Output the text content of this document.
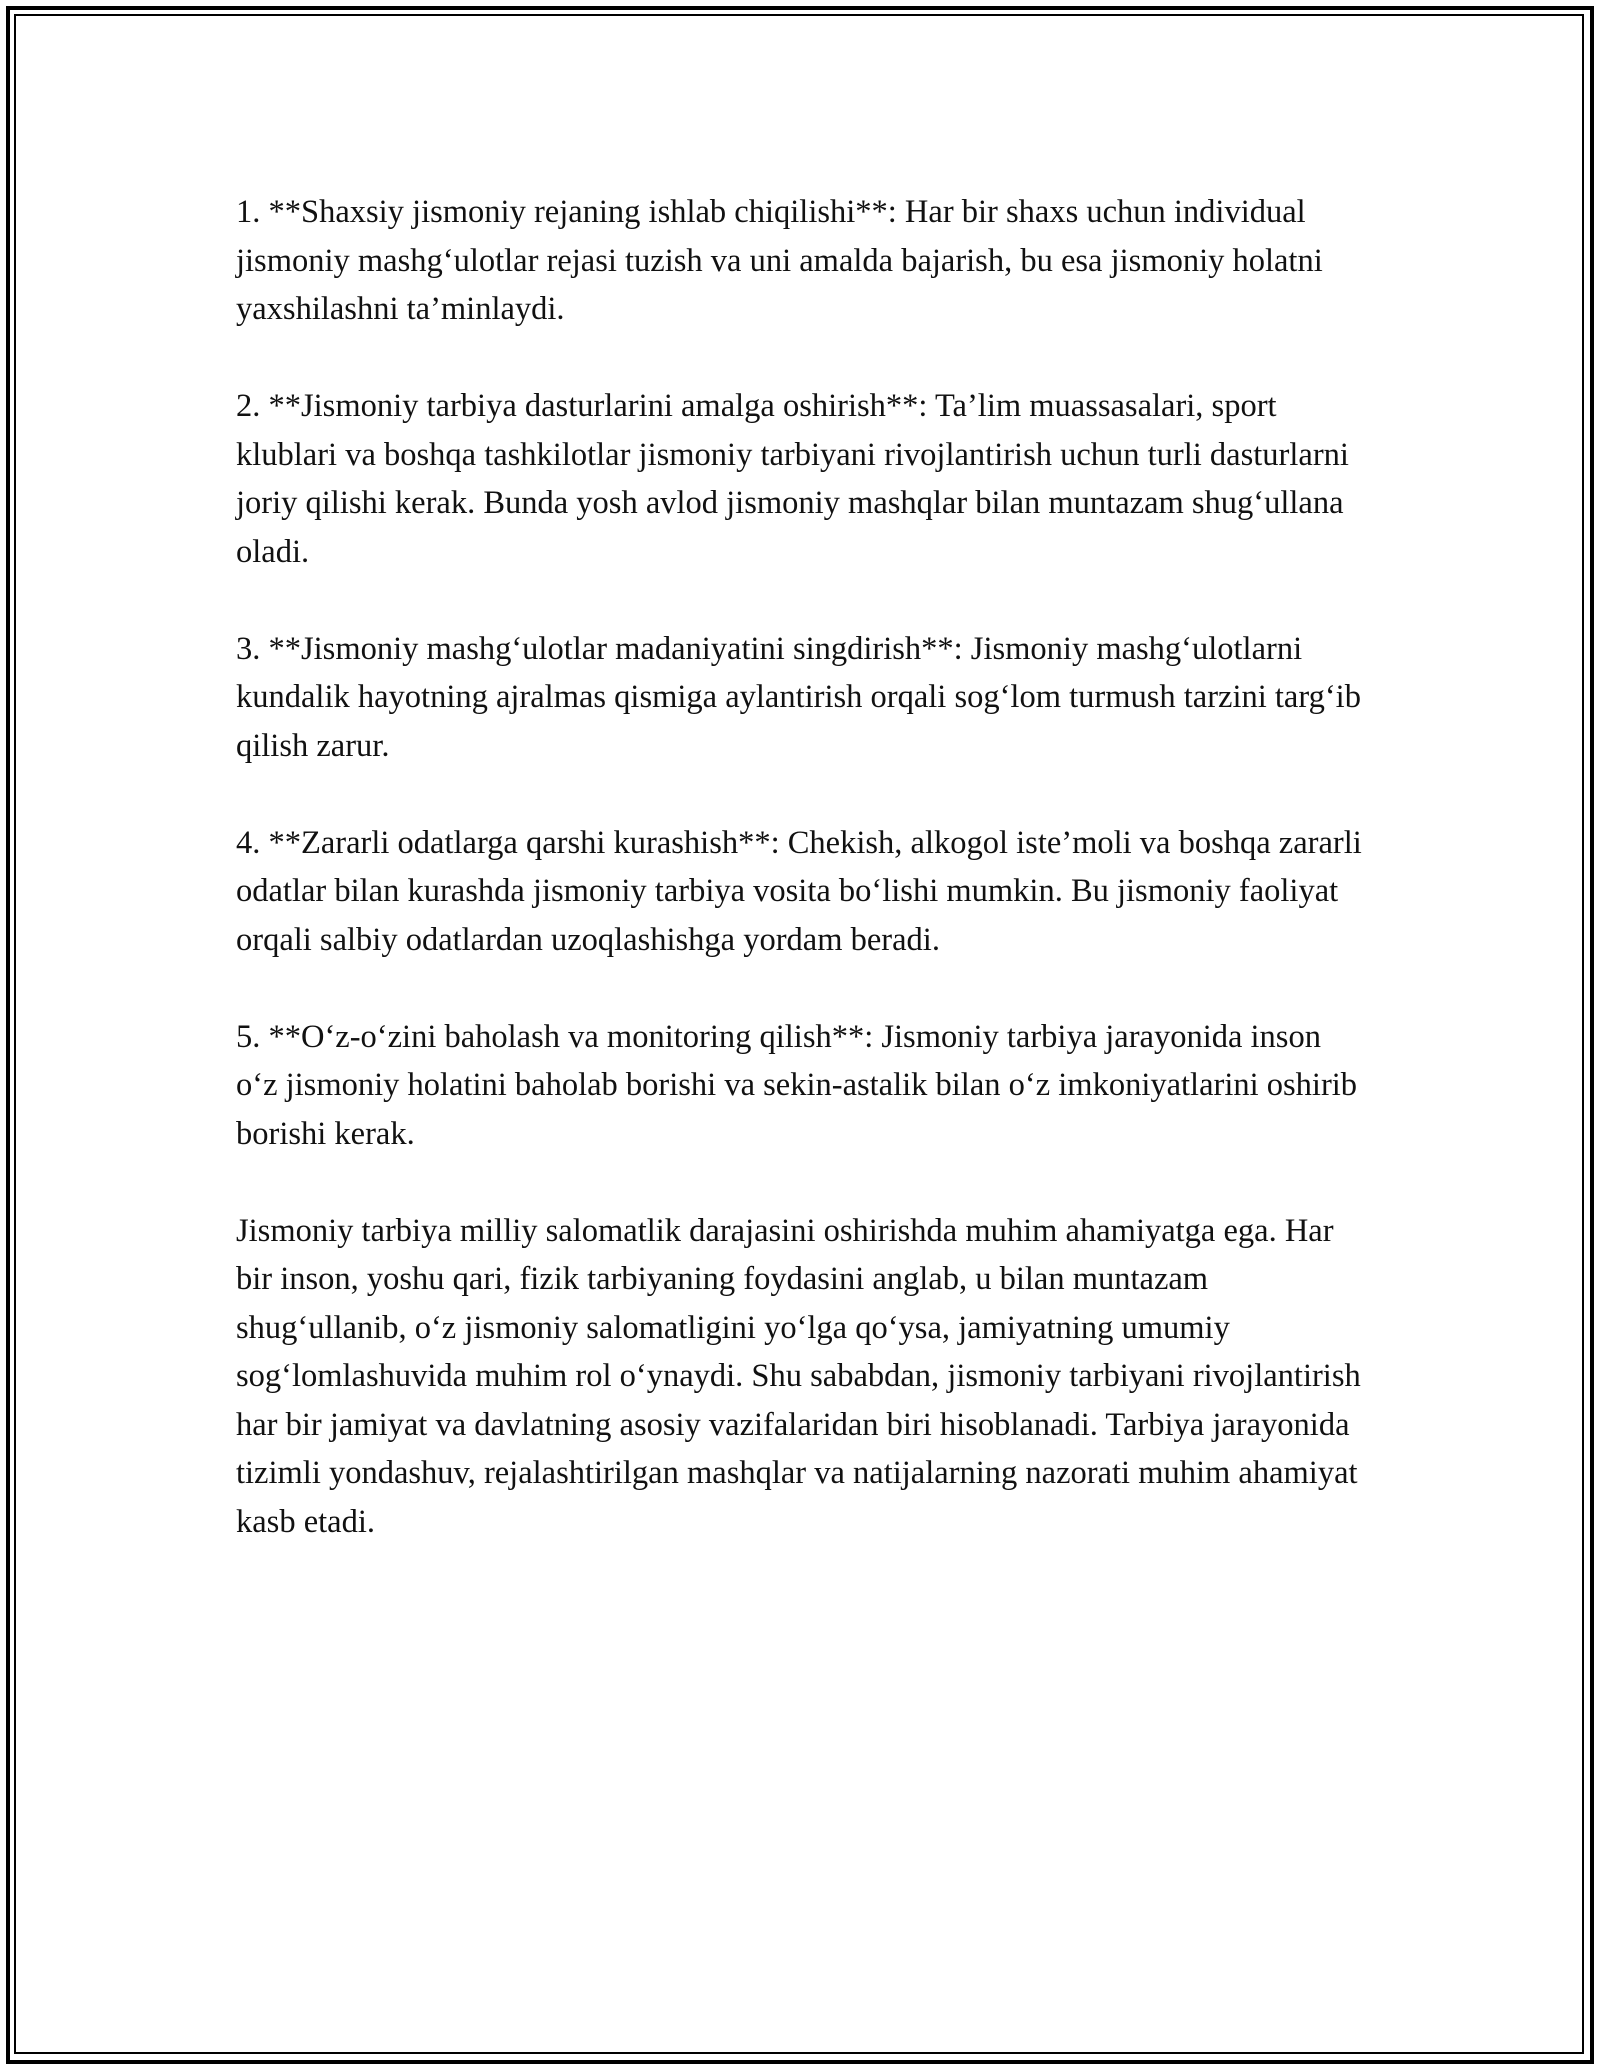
1. **Shaxsiy jismoniy rejaning ishlab chiqilishi**: Har bir shaxs uchun individual jismoniy mashg‘ulotlar rejasi tuzish va uni amalda bajarish, bu esa jismoniy holatni yaxshilashni ta’minlaydi.

2. **Jismoniy tarbiya dasturlarini amalga oshirish**: Ta’lim muassasalari, sport klublari va boshqa tashkilotlar jismoniy tarbiyani rivojlantirish uchun turli dasturlarni joriy qilishi kerak. Bunda yosh avlod jismoniy mashqlar bilan muntazam shug‘ullana oladi.

3. **Jismoniy mashg‘ulotlar madaniyatini singdirish**: Jismoniy mashg‘ulotlarni kundalik hayotning ajralmas qismiga aylantirish orqali sog‘lom turmush tarzini targ‘ib qilish zarur.

4. **Zararli odatlarga qarshi kurashish**: Chekish, alkogol iste’moli va boshqa zararli odatlar bilan kurashda jismoniy tarbiya vosita bo‘lishi mumkin. Bu jismoniy faoliyat orqali salbiy odatlardan uzoqlashishga yordam beradi.

5. **O‘z-o‘zini baholash va monitoring qilish**: Jismoniy tarbiya jarayonida inson o‘z jismoniy holatini baholab borishi va sekin-astalik bilan o‘z imkoniyatlarini oshirib borishi kerak.

Jismoniy tarbiya milliy salomatlik darajasini oshirishda muhim ahamiyatga ega. Har bir inson, yoshu qari, fizik tarbiyaning foydasini anglab, u bilan muntazam shug‘ullanib, o‘z jismoniy salomatligini yo‘lga qo‘ysa, jamiyatning umumiy sog‘lomlashuvida muhim rol o‘ynaydi. Shu sababdan, jismoniy tarbiyani rivojlantirish har bir jamiyat va davlatning asosiy vazifalaridan biri hisoblanadi. Tarbiya jarayonida tizimli yondashuv, rejalashtirilgan mashqlar va natijalarning nazorati muhim ahamiyat kasb etadi.
